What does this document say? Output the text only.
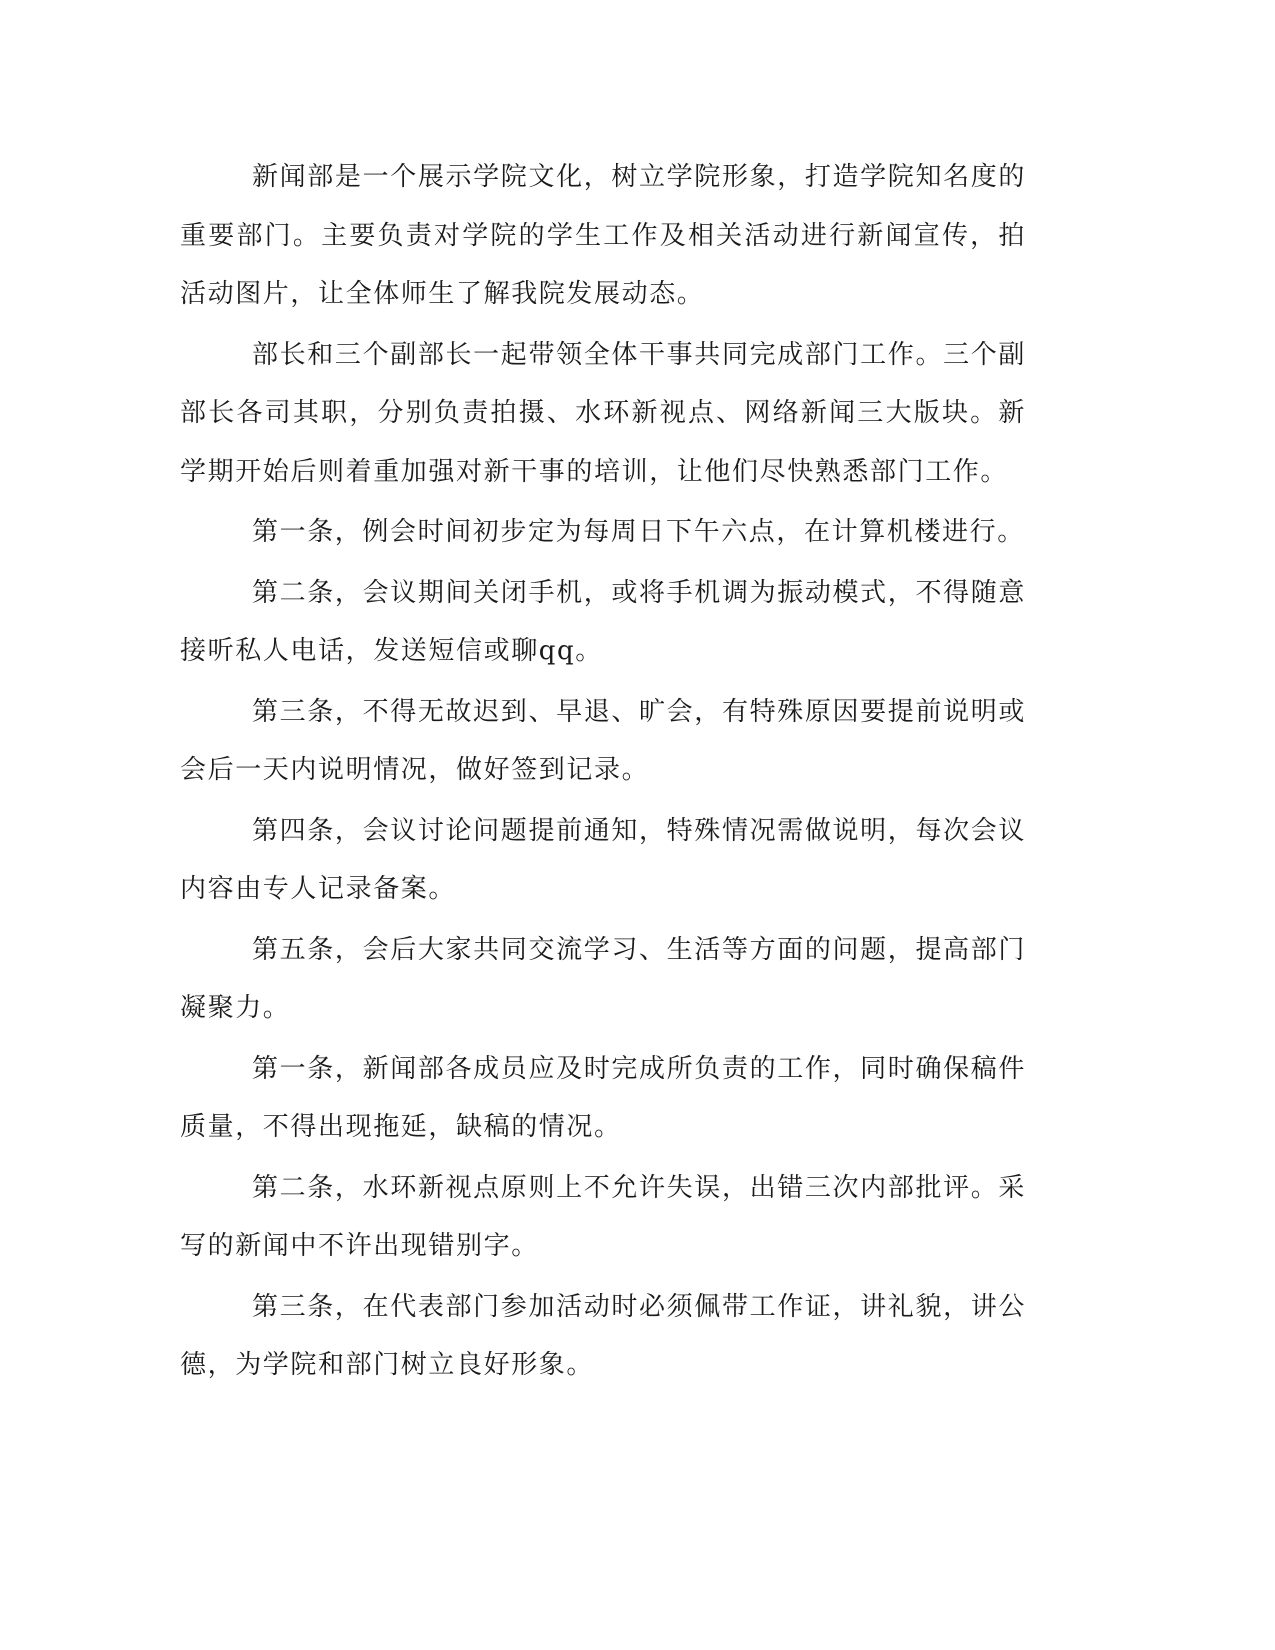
新闻部是一个展示学院文化，树立学院形象，打造学院知名度的重要部门。主要负责对学院的学生工作及相关活动进行新闻宣传，拍活动图片，让全体师生了解我院发展动态。

部长和三个副部长一起带领全体干事共同完成部门工作。三个副部长各司其职，分别负责拍摄、水环新视点、网络新闻三大版块。新学期开始后则着重加强对新干事的培训，让他们尽快熟悉部门工作。

第一条，例会时间初步定为每周日下午六点，在计算机楼进行。

第二条，会议期间关闭手机，或将手机调为振动模式，不得随意接听私人电话，发送短信或聊qq。

第三条，不得无故迟到、早退、旷会，有特殊原因要提前说明或会后一天内说明情况，做好签到记录。

第四条，会议讨论问题提前通知，特殊情况需做说明，每次会议内容由专人记录备案。

第五条，会后大家共同交流学习、生活等方面的问题，提高部门凝聚力。

第一条，新闻部各成员应及时完成所负责的工作，同时确保稿件质量，不得出现拖延，缺稿的情况。

第二条，水环新视点原则上不允许失误，出错三次内部批评。采写的新闻中不许出现错别字。

第三条，在代表部门参加活动时必须佩带工作证，讲礼貌，讲公德，为学院和部门树立良好形象。
